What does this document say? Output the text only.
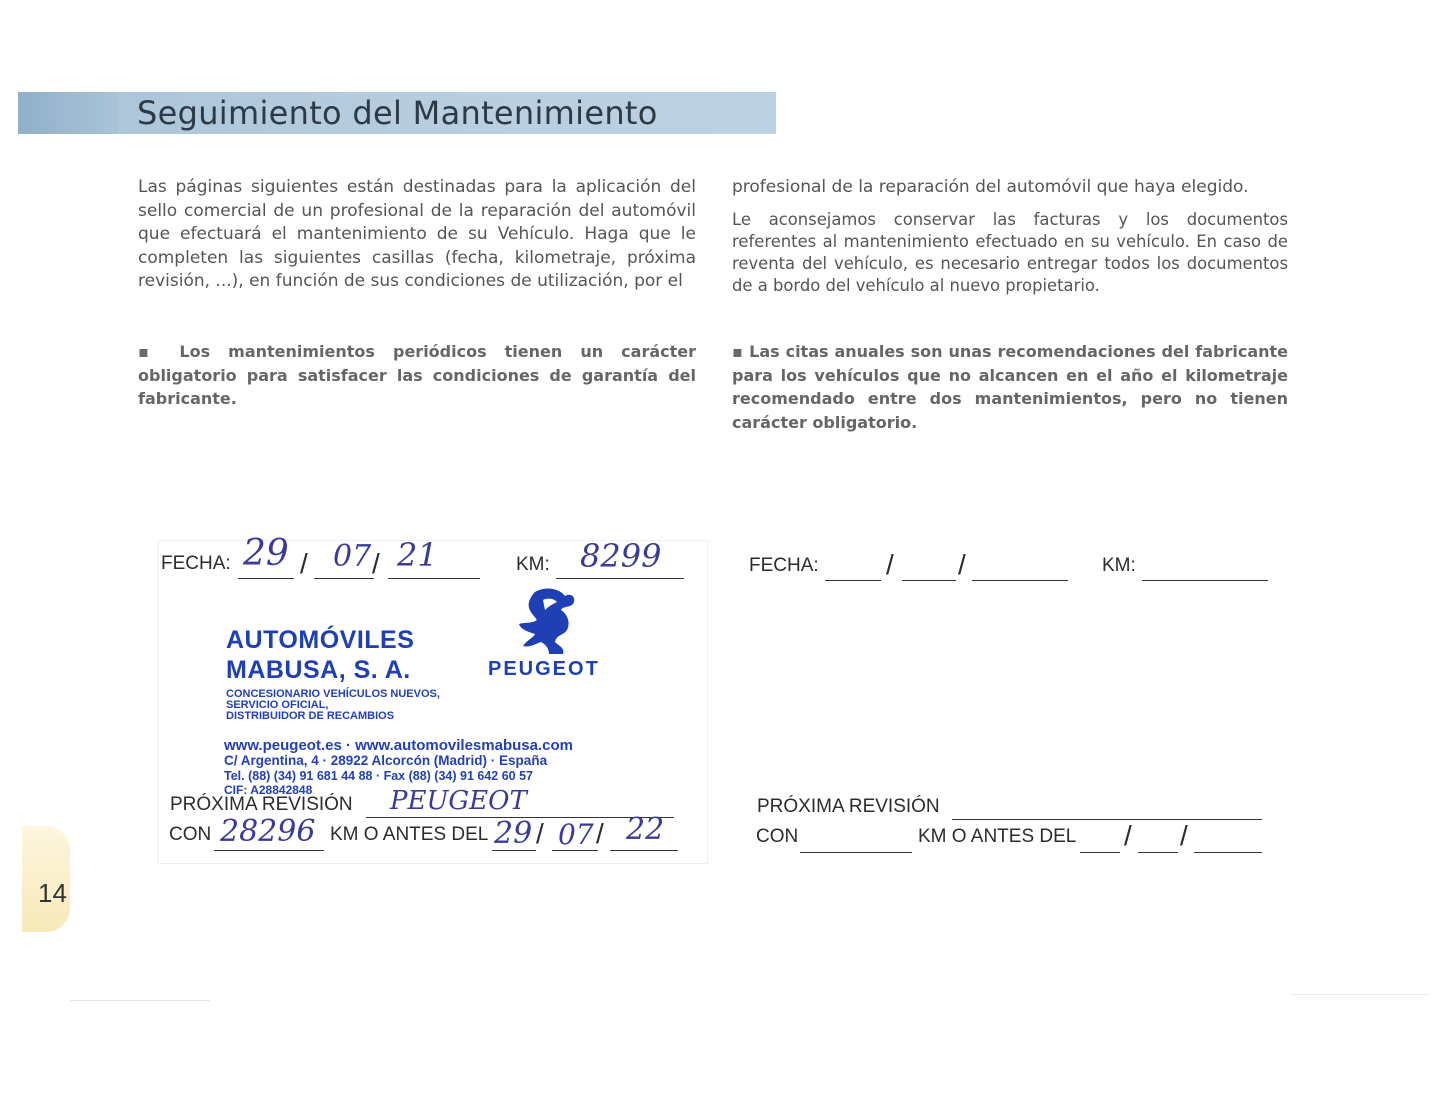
Seguimiento del Mantenimiento
Las páginas siguientes están destinadas para la aplicación del sello comercial de un profesional de la reparación del automóvil que efectuará el mantenimiento de su Vehículo. Haga que le completen las siguientes casillas (fecha, kilometraje, próxima revisión, ...), en función de sus condiciones de utilización, por el
profesional de la reparación del automóvil que haya elegido.
Le aconsejamos conservar las facturas y los documentos referentes al mantenimiento efectuado en su vehículo. En caso de reventa del vehículo, es necesario entregar todos los documentos de a bordo del vehículo al nuevo propietario.
▪ Los mantenimientos periódicos tienen un carácter obligatorio para satisfacer las condiciones de garantía del fabricante.
▪ Las citas anuales son unas recomendaciones del fabricante para los vehículos que no alcancen en el año el kilometraje recomendado entre dos mantenimientos, pero no tienen carácter obligatorio.
FECHA: 29 / 07 / 21	KM: 8299
AUTOMÓVILES
MABUSA, S. A.	PEUGEOT
CONCESIONARIO VEHÍCULOS NUEVOS,
SERVICIO OFICIAL,
DISTRIBUIDOR DE RECAMBIOS
www.peugeot.es · www.automovilesmabusa.com
C/ Argentina, 4 · 28922 Alcorcón (Madrid) · España
Tel. (88) (34) 91 681 44 88 · Fax (88) (34) 91 642 60 57
CIF: A28842848
PRÓXIMA REVISIÓN PEUGEOT
CON 28296 KM O ANTES DEL 29 / 07 / 22
FECHA: / /	KM:
PRÓXIMA REVISIÓN
CON	KM O ANTES DEL / /
14
